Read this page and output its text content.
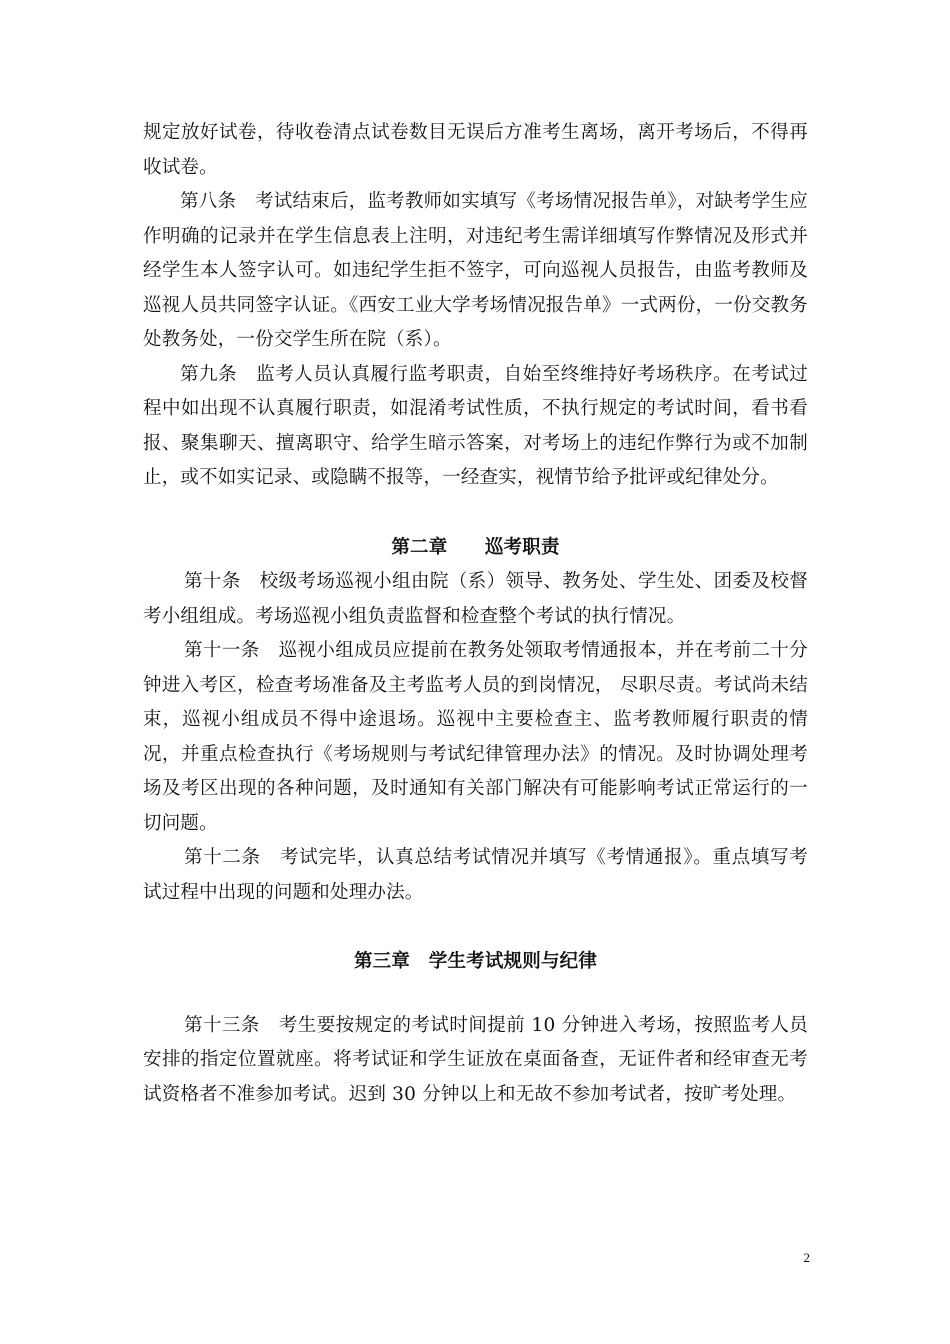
规定放好试卷，待收卷清点试卷数目无误后方准考生离场，离开考场后，不得再收试卷。

第八条　考试结束后，监考教师如实填写《考场情况报告单》，对缺考学生应作明确的记录并在学生信息表上注明，对违纪考生需详细填写作弊情况及形式并经学生本人签字认可。如违纪学生拒不签字，可向巡视人员报告，由监考教师及巡视人员共同签字认证。《西安工业大学考场情况报告单》一式两份，一份交教务处教务处，一份交学生所在院（系）。

第九条　监考人员认真履行监考职责，自始至终维持好考场秩序。在考试过程中如出现不认真履行职责，如混淆考试性质，不执行规定的考试时间，看书看报、聚集聊天、擅离职守、给学生暗示答案，对考场上的违纪作弊行为或不加制止，或不如实记录、或隐瞒不报等，一经查实，视情节给予批评或纪律处分。

第二章　　巡考职责

第十条　校级考场巡视小组由院（系）领导、教务处、学生处、团委及校督考小组组成。考场巡视小组负责监督和检查整个考试的执行情况。

第十一条　巡视小组成员应提前在教务处领取考情通报本，并在考前二十分钟进入考区，检查考场准备及主考监考人员的到岗情况， 尽职尽责。考试尚未结束，巡视小组成员不得中途退场。巡视中主要检查主、监考教师履行职责的情况，并重点检查执行《考场规则与考试纪律管理办法》的情况。及时协调处理考场及考区出现的各种问题，及时通知有关部门解决有可能影响考试正常运行的一切问题。

第十二条　考试完毕，认真总结考试情况并填写《考情通报》。重点填写考试过程中出现的问题和处理办法。

第三章　学生考试规则与纪律

第十三条　考生要按规定的考试时间提前 10 分钟进入考场，按照监考人员安排的指定位置就座。将考试证和学生证放在桌面备查，无证件者和经审查无考试资格者不准参加考试。迟到 30 分钟以上和无故不参加考试者，按旷考处理。

2
